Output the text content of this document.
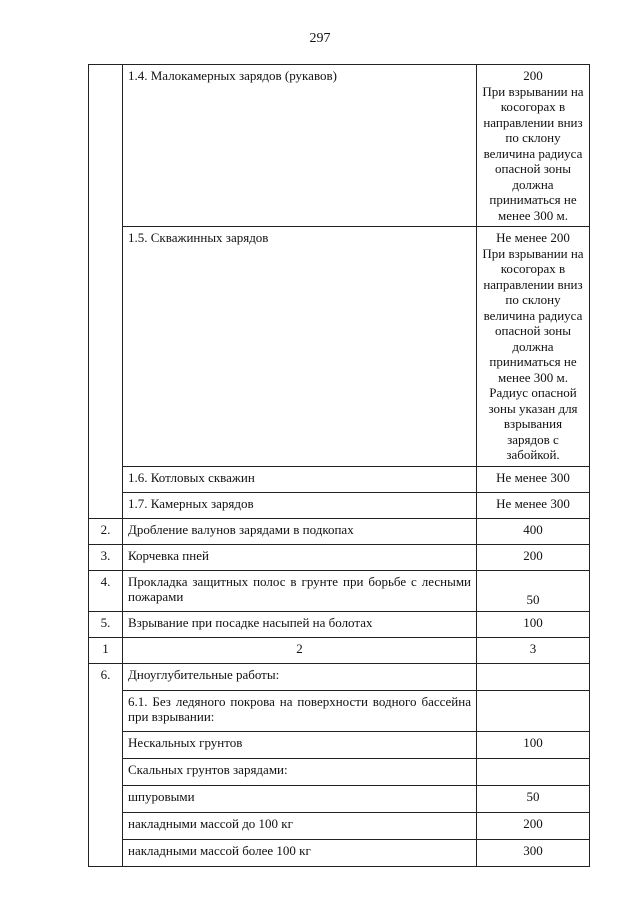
297
	1.4. Малокамерных зарядов (рукавов)	200
При взрывании на косогорах в направлении вниз по склону величина радиуса опасной зоны должна приниматься не менее 300 м.
	1.5. Скважинных зарядов	Не менее 200
При взрывании на косогорах в направлении вниз по склону величина радиуса опасной зоны должна приниматься не менее 300 м. Радиус опасной зоны указан для взрывания зарядов с забойкой.
	1.6. Котловых скважин	Не менее 300
	1.7. Камерных зарядов	Не менее 300
2.	Дробление валунов зарядами в подкопах	400
3.	Корчевка пней	200
4.	Прокладка защитных полос в грунте при борьбе с лесными пожарами	50
5.	Взрывание при посадке насыпей на болотах	100
1	2	3
6.	Дноуглубительные работы:	
	6.1. Без ледяного покрова на поверхности водного бассейна при взрывании:	
	Нескальных грунтов	100
	Скальных грунтов зарядами:	
	шпуровыми	50
	накладными массой до 100 кг	200
	накладными массой более 100 кг	300
